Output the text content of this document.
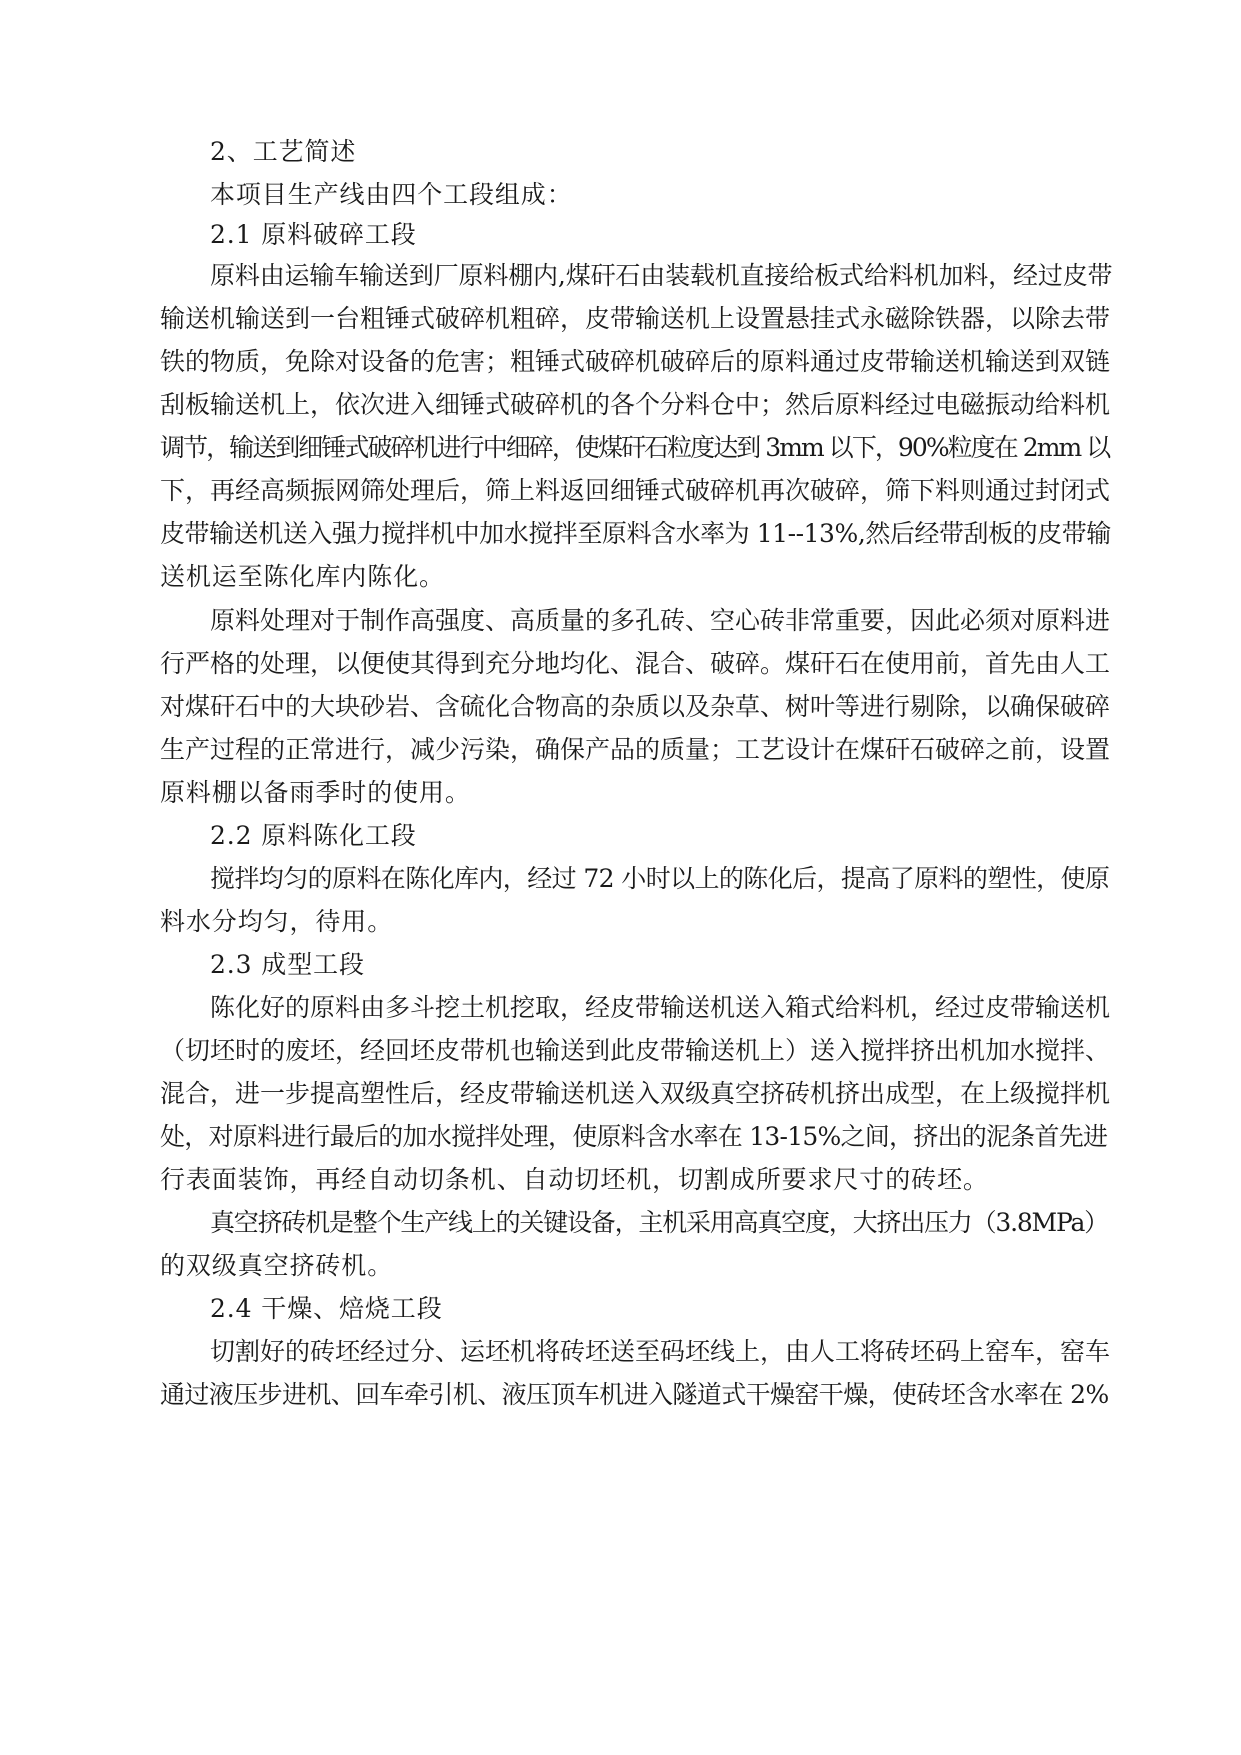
2、工艺简述
本项目生产线由四个工段组成：
2.1 原料破碎工段
原料由运输车输送到厂原料棚内,煤矸石由装载机直接给板式给料机加料，经过皮带
输送机输送到一台粗锤式破碎机粗碎，皮带输送机上设置悬挂式永磁除铁器，以除去带
铁的物质，免除对设备的危害；粗锤式破碎机破碎后的原料通过皮带输送机输送到双链
刮板输送机上，依次进入细锤式破碎机的各个分料仓中；然后原料经过电磁振动给料机
调节，输送到细锤式破碎机进行中细碎，使煤矸石粒度达到 3mm 以下，90%粒度在 2mm 以
下，再经高频振网筛处理后，筛上料返回细锤式破碎机再次破碎，筛下料则通过封闭式
皮带输送机送入强力搅拌机中加水搅拌至原料含水率为 11--13%,然后经带刮板的皮带输
送机运至陈化库内陈化。
原料处理对于制作高强度、高质量的多孔砖、空心砖非常重要，因此必须对原料进
行严格的处理，以便使其得到充分地均化、混合、破碎。煤矸石在使用前，首先由人工
对煤矸石中的大块砂岩、含硫化合物高的杂质以及杂草、树叶等进行剔除，以确保破碎
生产过程的正常进行，减少污染，确保产品的质量；工艺设计在煤矸石破碎之前，设置
原料棚以备雨季时的使用。
2.2 原料陈化工段
搅拌均匀的原料在陈化库内，经过 72 小时以上的陈化后，提高了原料的塑性，使原
料水分均匀，待用。
2.3 成型工段
陈化好的原料由多斗挖土机挖取，经皮带输送机送入箱式给料机，经过皮带输送机
（切坯时的废坯，经回坯皮带机也输送到此皮带输送机上）送入搅拌挤出机加水搅拌、
混合，进一步提高塑性后，经皮带输送机送入双级真空挤砖机挤出成型，在上级搅拌机
处，对原料进行最后的加水搅拌处理，使原料含水率在 13-15%之间，挤出的泥条首先进
行表面装饰，再经自动切条机、自动切坯机，切割成所要求尺寸的砖坯。
真空挤砖机是整个生产线上的关键设备，主机采用高真空度，大挤出压力（3.8MPa）
的双级真空挤砖机。
2.4 干燥、焙烧工段
切割好的砖坯经过分、运坯机将砖坯送至码坯线上，由人工将砖坯码上窑车，窑车
通过液压步进机、回车牵引机、液压顶车机进入隧道式干燥窑干燥，使砖坯含水率在 2%
